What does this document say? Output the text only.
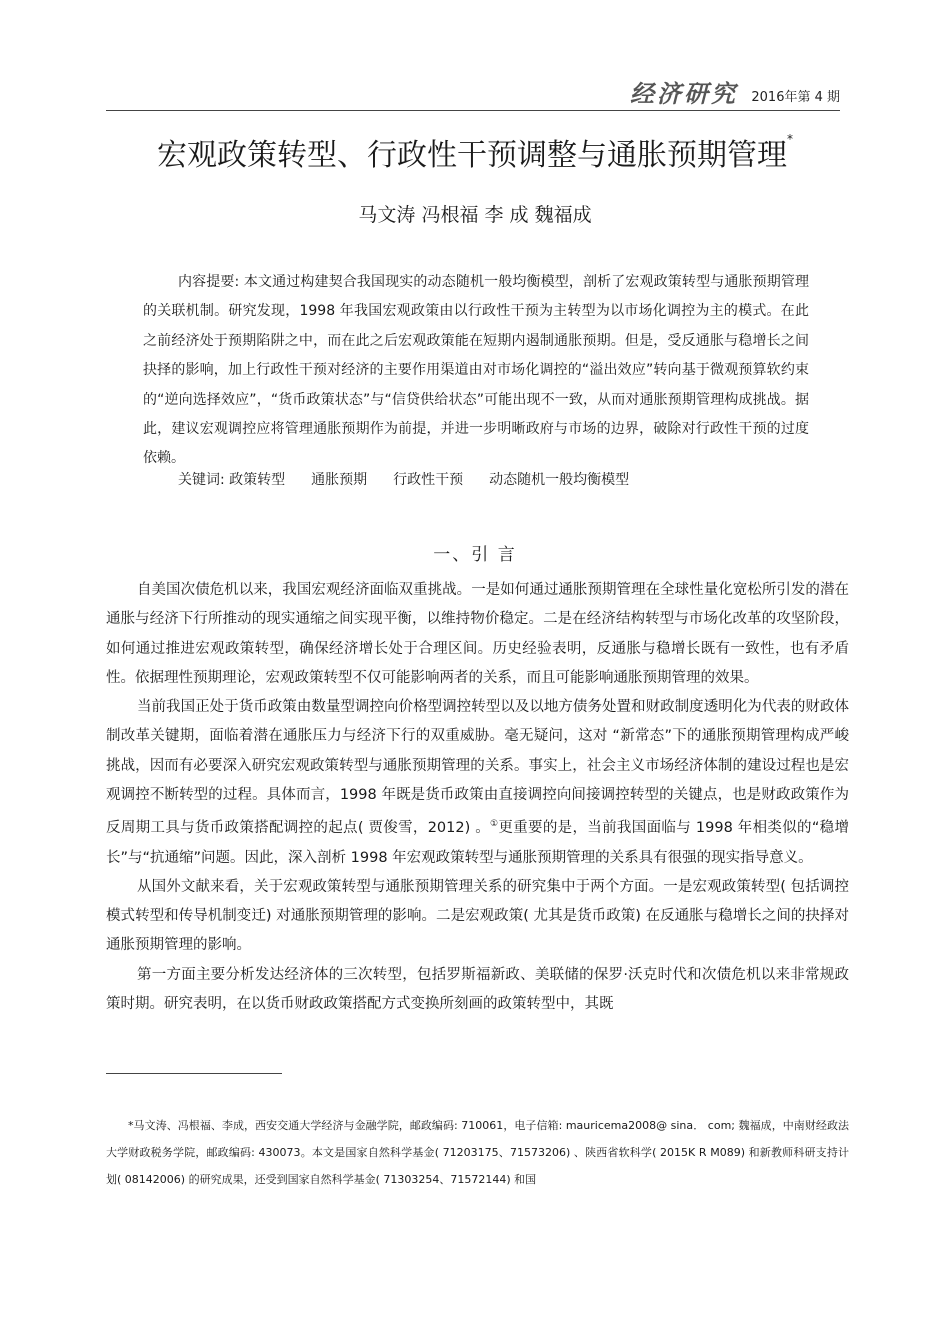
经济研究 2016年第 4 期
宏观政策转型、行政性干预调整与通胀预期管理*
马文涛 冯根福 李 成 魏福成
内容提要: 本文通过构建契合我国现实的动态随机一般均衡模型，剖析了宏观政策转型与通胀预期管理的关联机制。研究发现，1998 年我国宏观政策由以行政性干预为主转型为以市场化调控为主的模式。在此之前经济处于预期陷阱之中，而在此之后宏观政策能在短期内遏制通胀预期。但是，受反通胀与稳增长之间抉择的影响，加上行政性干预对经济的主要作用渠道由对市场化调控的“溢出效应”转向基于微观预算软约束的“逆向选择效应”，“货币政策状态”与“信贷供给状态”可能出现不一致，从而对通胀预期管理构成挑战。据此，建议宏观调控应将管理通胀预期作为前提，并进一步明晰政府与市场的边界，破除对行政性干预的过度依赖。
关键词: 政策转型 通胀预期 行政性干预 动态随机一般均衡模型
一、引 言

自美国次债危机以来，我国宏观经济面临双重挑战。一是如何通过通胀预期管理在全球性量化宽松所引发的潜在通胀与经济下行所推动的现实通缩之间实现平衡，以维持物价稳定。二是在经济结构转型与市场化改革的攻坚阶段，如何通过推进宏观政策转型，确保经济增长处于合理区间。历史经验表明，反通胀与稳增长既有一致性，也有矛盾性。依据理性预期理论，宏观政策转型不仅可能影响两者的关系，而且可能影响通胀预期管理的效果。

当前我国正处于货币政策由数量型调控向价格型调控转型以及以地方债务处置和财政制度透明化为代表的财政体制改革关键期，面临着潜在通胀压力与经济下行的双重威胁。毫无疑问，这对 “新常态”下的通胀预期管理构成严峻挑战，因而有必要深入研究宏观政策转型与通胀预期管理的关系。事实上，社会主义市场经济体制的建设过程也是宏观调控不断转型的过程。具体而言，1998 年既是货币政策由直接调控向间接调控转型的关键点，也是财政政策作为反周期工具与货币政策搭配调控的起点( 贾俊雪，2012) 。①更重要的是，当前我国面临与 1998 年相类似的“稳增长”与“抗通缩”问题。因此，深入剖析 1998 年宏观政策转型与通胀预期管理的关系具有很强的现实指导意义。

从国外文献来看，关于宏观政策转型与通胀预期管理关系的研究集中于两个方面。一是宏观政策转型( 包括调控模式转型和传导机制变迁) 对通胀预期管理的影响。二是宏观政策( 尤其是货币政策) 在反通胀与稳增长之间的抉择对通胀预期管理的影响。

第一方面主要分析发达经济体的三次转型，包括罗斯福新政、美联储的保罗·沃克时代和次债危机以来非常规政策时期。研究表明，在以货币财政政策搭配方式变换所刻画的政策转型中，其既

*马文涛、冯根福、李成，西安交通大学经济与金融学院，邮政编码: 710061，电子信箱: mauricema2008@ sina． com; 魏福成，中南财经政法大学财政税务学院，邮政编码: 430073。本文是国家自然科学基金( 71203175、71573206) 、陕西省软科学( 2015K R M089) 和新教师科研支持计划( 08142006) 的研究成果，还受到国家自然科学基金( 71303254、71572144) 和国
